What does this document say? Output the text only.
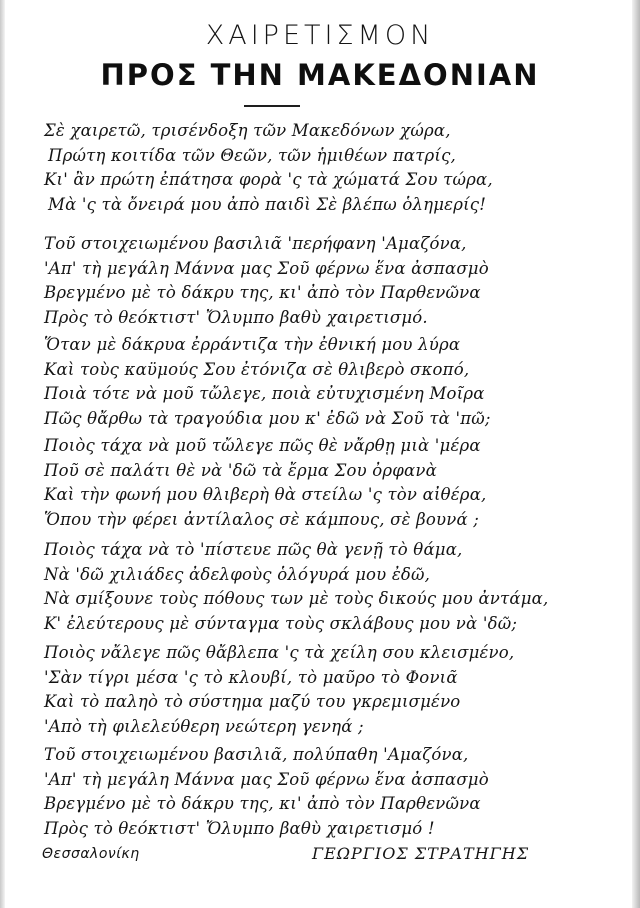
ΧΑΙΡΕΤΙΣΜΟΝ
ΠΡΟΣ ΤΗΝ ΜΑΚΕΔΟΝΙΑΝ
Σὲ χαιρετῶ, τρισένδοξη τῶν Μακεδόνων χώρα,
Πρώτη κοιτίδα τῶν Θεῶν, τῶν ἡμιθέων πατρίς,
Κι' ἂν πρώτη ἐπάτησα φορὰ 'ς τὰ χώματά Σου τώρα,
Μὰ 'ς τὰ ὄνειρά μου ἀπὸ παιδὶ Σὲ βλέπω ὁλημερίς!
Τοῦ στοιχειωμένου βασιλιᾶ 'περήφανη 'Αμαζόνα,
'Απ' τὴ μεγάλη Μάννα μας Σοῦ φέρνω ἕνα ἀσπασμὸ
Βρεγμένο μὲ τὸ δάκρυ της, κι' ἀπὸ τὸν Παρθενῶνα
Πρὸς τὸ θεόκτιστ' Ὄλυμπο βαθὺ χαιρετισμό.
Ὅταν μὲ δάκρυα ἐρράντιζα τὴν ἐθνική μου λύρα
Καὶ τοὺς καϋμούς Σου ἐτόνιζα σὲ θλιβερὸ σκοπό,
Ποιὰ τότε νὰ μοῦ τὤλεγε, ποιὰ εὐτυχισμένη Μοῖρα
Πῶς θἄρθω τὰ τραγούδια μου κ' ἐδῶ νὰ Σοῦ τὰ 'πῶ;
Ποιὸς τάχα νὰ μοῦ τὤλεγε πῶς θὲ νἄρθῃ μιὰ 'μέρα
Ποῦ σὲ παλάτι θὲ νὰ 'δῶ τὰ ἔρμα Σου ὀρφανὰ
Καὶ τὴν φωνή μου θλιβερὴ θὰ στείλω 'ς τὸν αἰθέρα,
Ὅπου τὴν φέρει ἀντίλαλος σὲ κάμπους, σὲ βουνά ;
Ποιὸς τάχα νὰ τὸ 'πίστευε πῶς θὰ γενῇ τὸ θάμα,
Νὰ 'δῶ χιλιάδες ἀδελφοὺς ὁλόγυρά μου ἐδῶ,
Νὰ σμίξουνε τοὺς πόθους των μὲ τοὺς δικούς μου ἀντάμα,
Κ' ἐλεύτερους μὲ σύνταγμα τοὺς σκλάβους μου νὰ 'δῶ;
Ποιὸς νἄλεγε πῶς θἄβλεπα 'ς τὰ χείλη σου κλεισμένο,
'Σὰν τίγρι μέσα 'ς τὸ κλουβί, τὸ μαῦρο τὸ Φονιᾶ
Καὶ τὸ παληὸ τὸ σύστημα μαζύ του γκρεμισμένο
'Απὸ τὴ φιλελεύθερη νεώτερη γενηά ;
Τοῦ στοιχειωμένου βασιλιᾶ, πολύπαθη 'Αμαζόνα,
'Απ' τὴ μεγάλη Μάννα μας Σοῦ φέρνω ἕνα ἀσπασμὸ
Βρεγμένο μὲ τὸ δάκρυ της, κι' ἀπὸ τὸν Παρθενῶνα
Πρὸς τὸ θεόκτιστ' Ὄλυμπο βαθὺ χαιρετισμό !
Θεσσαλονίκη	ΓΕΩΡΓΙΟΣ ΣΤΡΑΤΗΓΗΣ
